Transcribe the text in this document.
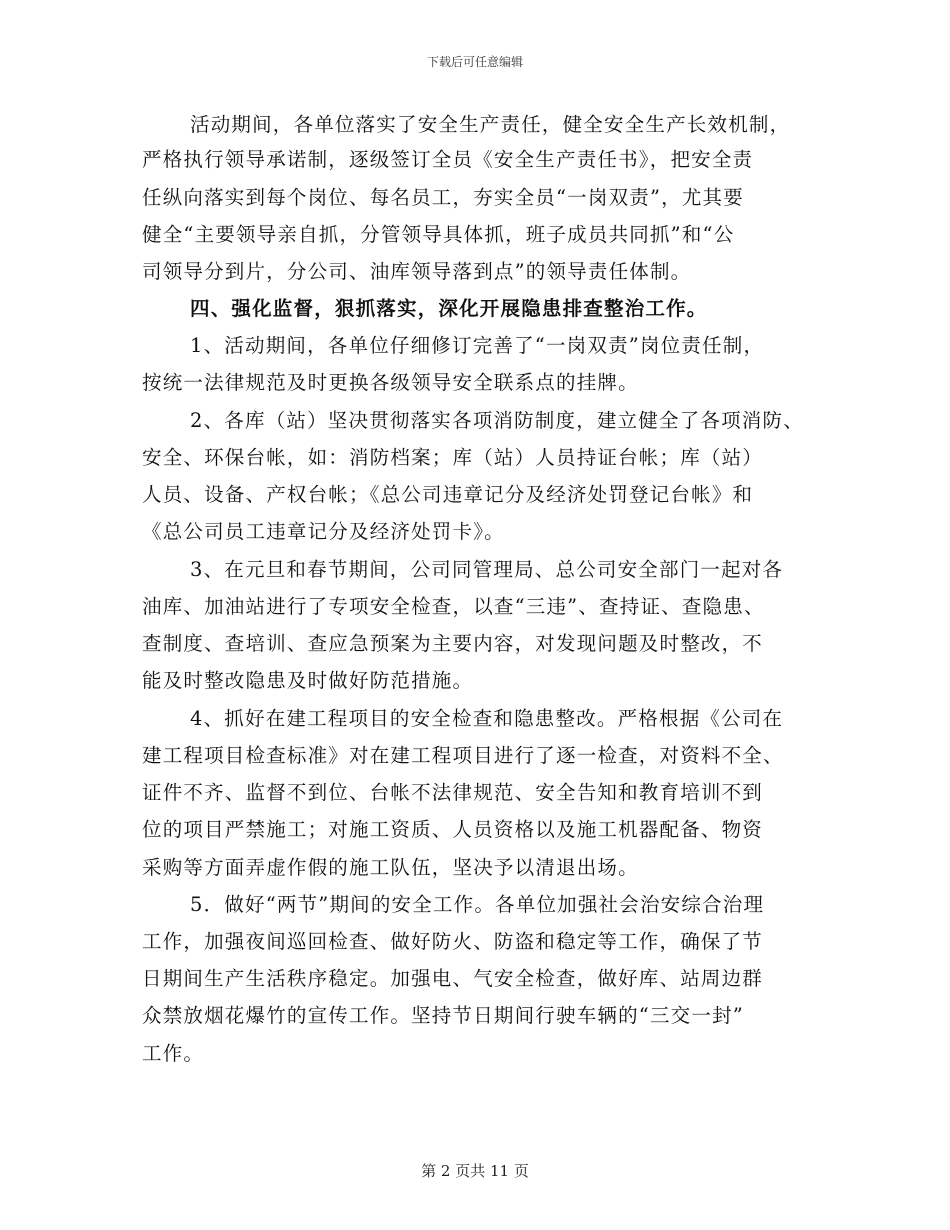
下载后可任意编辑
活动期间，各单位落实了安全生产责任，健全安全生产长效机制，
严格执行领导承诺制，逐级签订全员《安全生产责任书》，把安全责
任纵向落实到每个岗位、每名员工，夯实全员“一岗双责”，尤其要
健全“主要领导亲自抓，分管领导具体抓，班子成员共同抓”和“公
司领导分到片，分公司、油库领导落到点”的领导责任体制。
四、强化监督，狠抓落实，深化开展隐患排查整治工作。
1、活动期间，各单位仔细修订完善了“一岗双责”岗位责任制，
按统一法律规范及时更换各级领导安全联系点的挂牌。
2、各库（站）坚决贯彻落实各项消防制度，建立健全了各项消防、
安全、环保台帐，如：消防档案；库（站）人员持证台帐；库（站）
人员、设备、产权台帐；《总公司违章记分及经济处罚登记台帐》和
《总公司员工违章记分及经济处罚卡》。
3、在元旦和春节期间，公司同管理局、总公司安全部门一起对各
油库、加油站进行了专项安全检查，以查“三违”、查持证、查隐患、
查制度、查培训、查应急预案为主要内容，对发现问题及时整改，不
能及时整改隐患及时做好防范措施。
4、抓好在建工程项目的安全检查和隐患整改。严格根据《公司在
建工程项目检查标准》对在建工程项目进行了逐一检查，对资料不全、
证件不齐、监督不到位、台帐不法律规范、安全告知和教育培训不到
位的项目严禁施工；对施工资质、人员资格以及施工机器配备、物资
采购等方面弄虚作假的施工队伍，坚决予以清退出场。
5．做好“两节”期间的安全工作。各单位加强社会治安综合治理
工作，加强夜间巡回检查、做好防火、防盗和稳定等工作，确保了节
日期间生产生活秩序稳定。加强电、气安全检查，做好库、站周边群
众禁放烟花爆竹的宣传工作。坚持节日期间行驶车辆的“三交一封”
工作。
第 2 页共 11 页
